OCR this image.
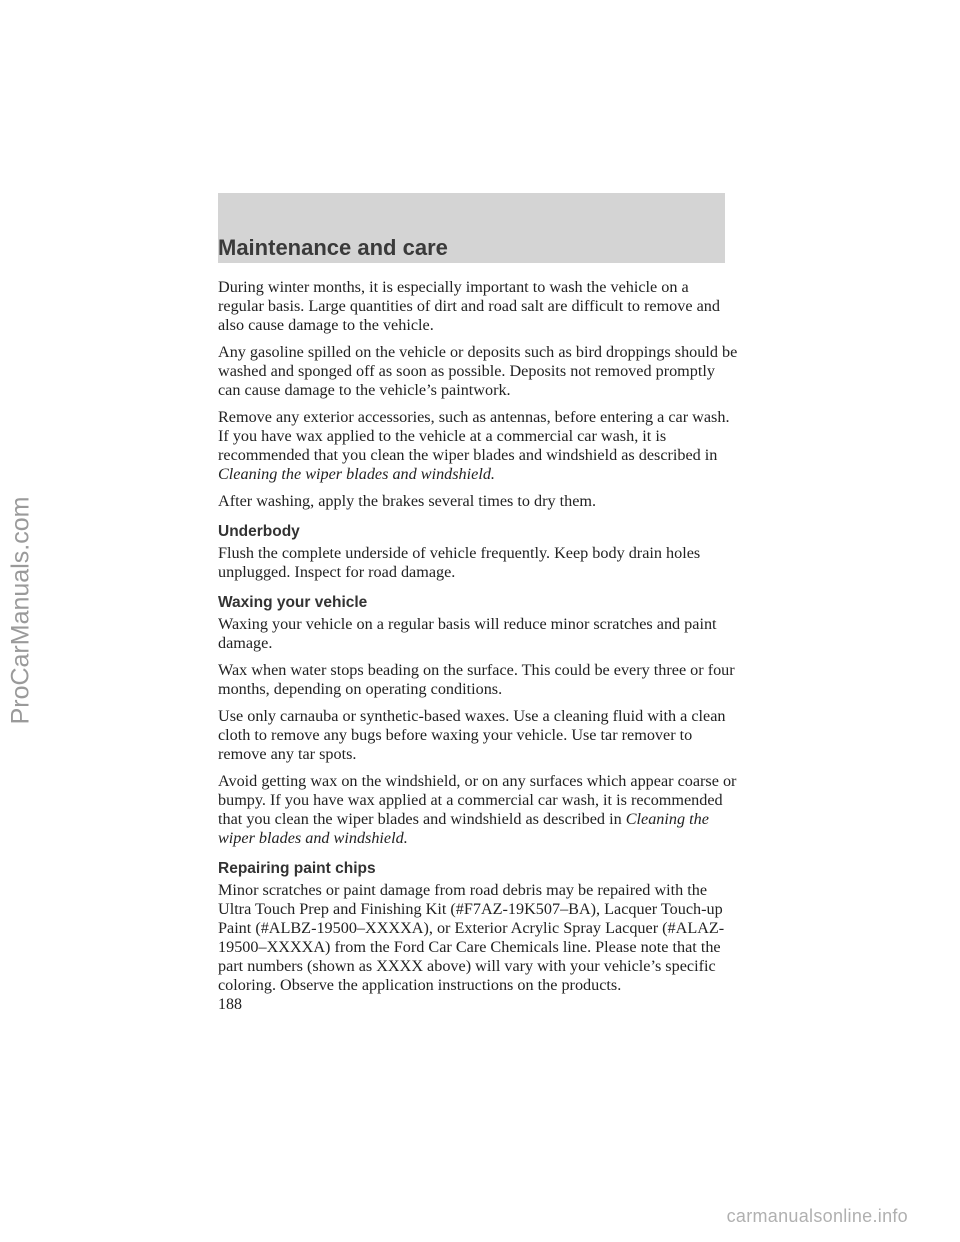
Maintenance and care

During winter months, it is especially important to wash the vehicle on a regular basis. Large quantities of dirt and road salt are difficult to remove and also cause damage to the vehicle.

Any gasoline spilled on the vehicle or deposits such as bird droppings should be washed and sponged off as soon as possible. Deposits not removed promptly can cause damage to the vehicle’s paintwork.

Remove any exterior accessories, such as antennas, before entering a car wash. If you have wax applied to the vehicle at a commercial car wash, it is recommended that you clean the wiper blades and windshield as described in Cleaning the wiper blades and windshield.

After washing, apply the brakes several times to dry them.

Underbody

Flush the complete underside of vehicle frequently. Keep body drain holes unplugged. Inspect for road damage.

Waxing your vehicle

Waxing your vehicle on a regular basis will reduce minor scratches and paint damage.

Wax when water stops beading on the surface. This could be every three or four months, depending on operating conditions.

Use only carnauba or synthetic-based waxes. Use a cleaning fluid with a clean cloth to remove any bugs before waxing your vehicle. Use tar remover to remove any tar spots.

Avoid getting wax on the windshield, or on any surfaces which appear coarse or bumpy. If you have wax applied at a commercial car wash, it is recommended that you clean the wiper blades and windshield as described in Cleaning the wiper blades and windshield.

Repairing paint chips

Minor scratches or paint damage from road debris may be repaired with the Ultra Touch Prep and Finishing Kit (#F7AZ-19K507–BA), Lacquer Touch-up Paint (#ALBZ-19500–XXXXA), or Exterior Acrylic Spray Lacquer (#ALAZ-19500–XXXXA) from the Ford Car Care Chemicals line. Please note that the part numbers (shown as XXXX above) will vary with your vehicle’s specific coloring. Observe the application instructions on the products.

188
ProCarManuals.com
carmanualsonline.info
